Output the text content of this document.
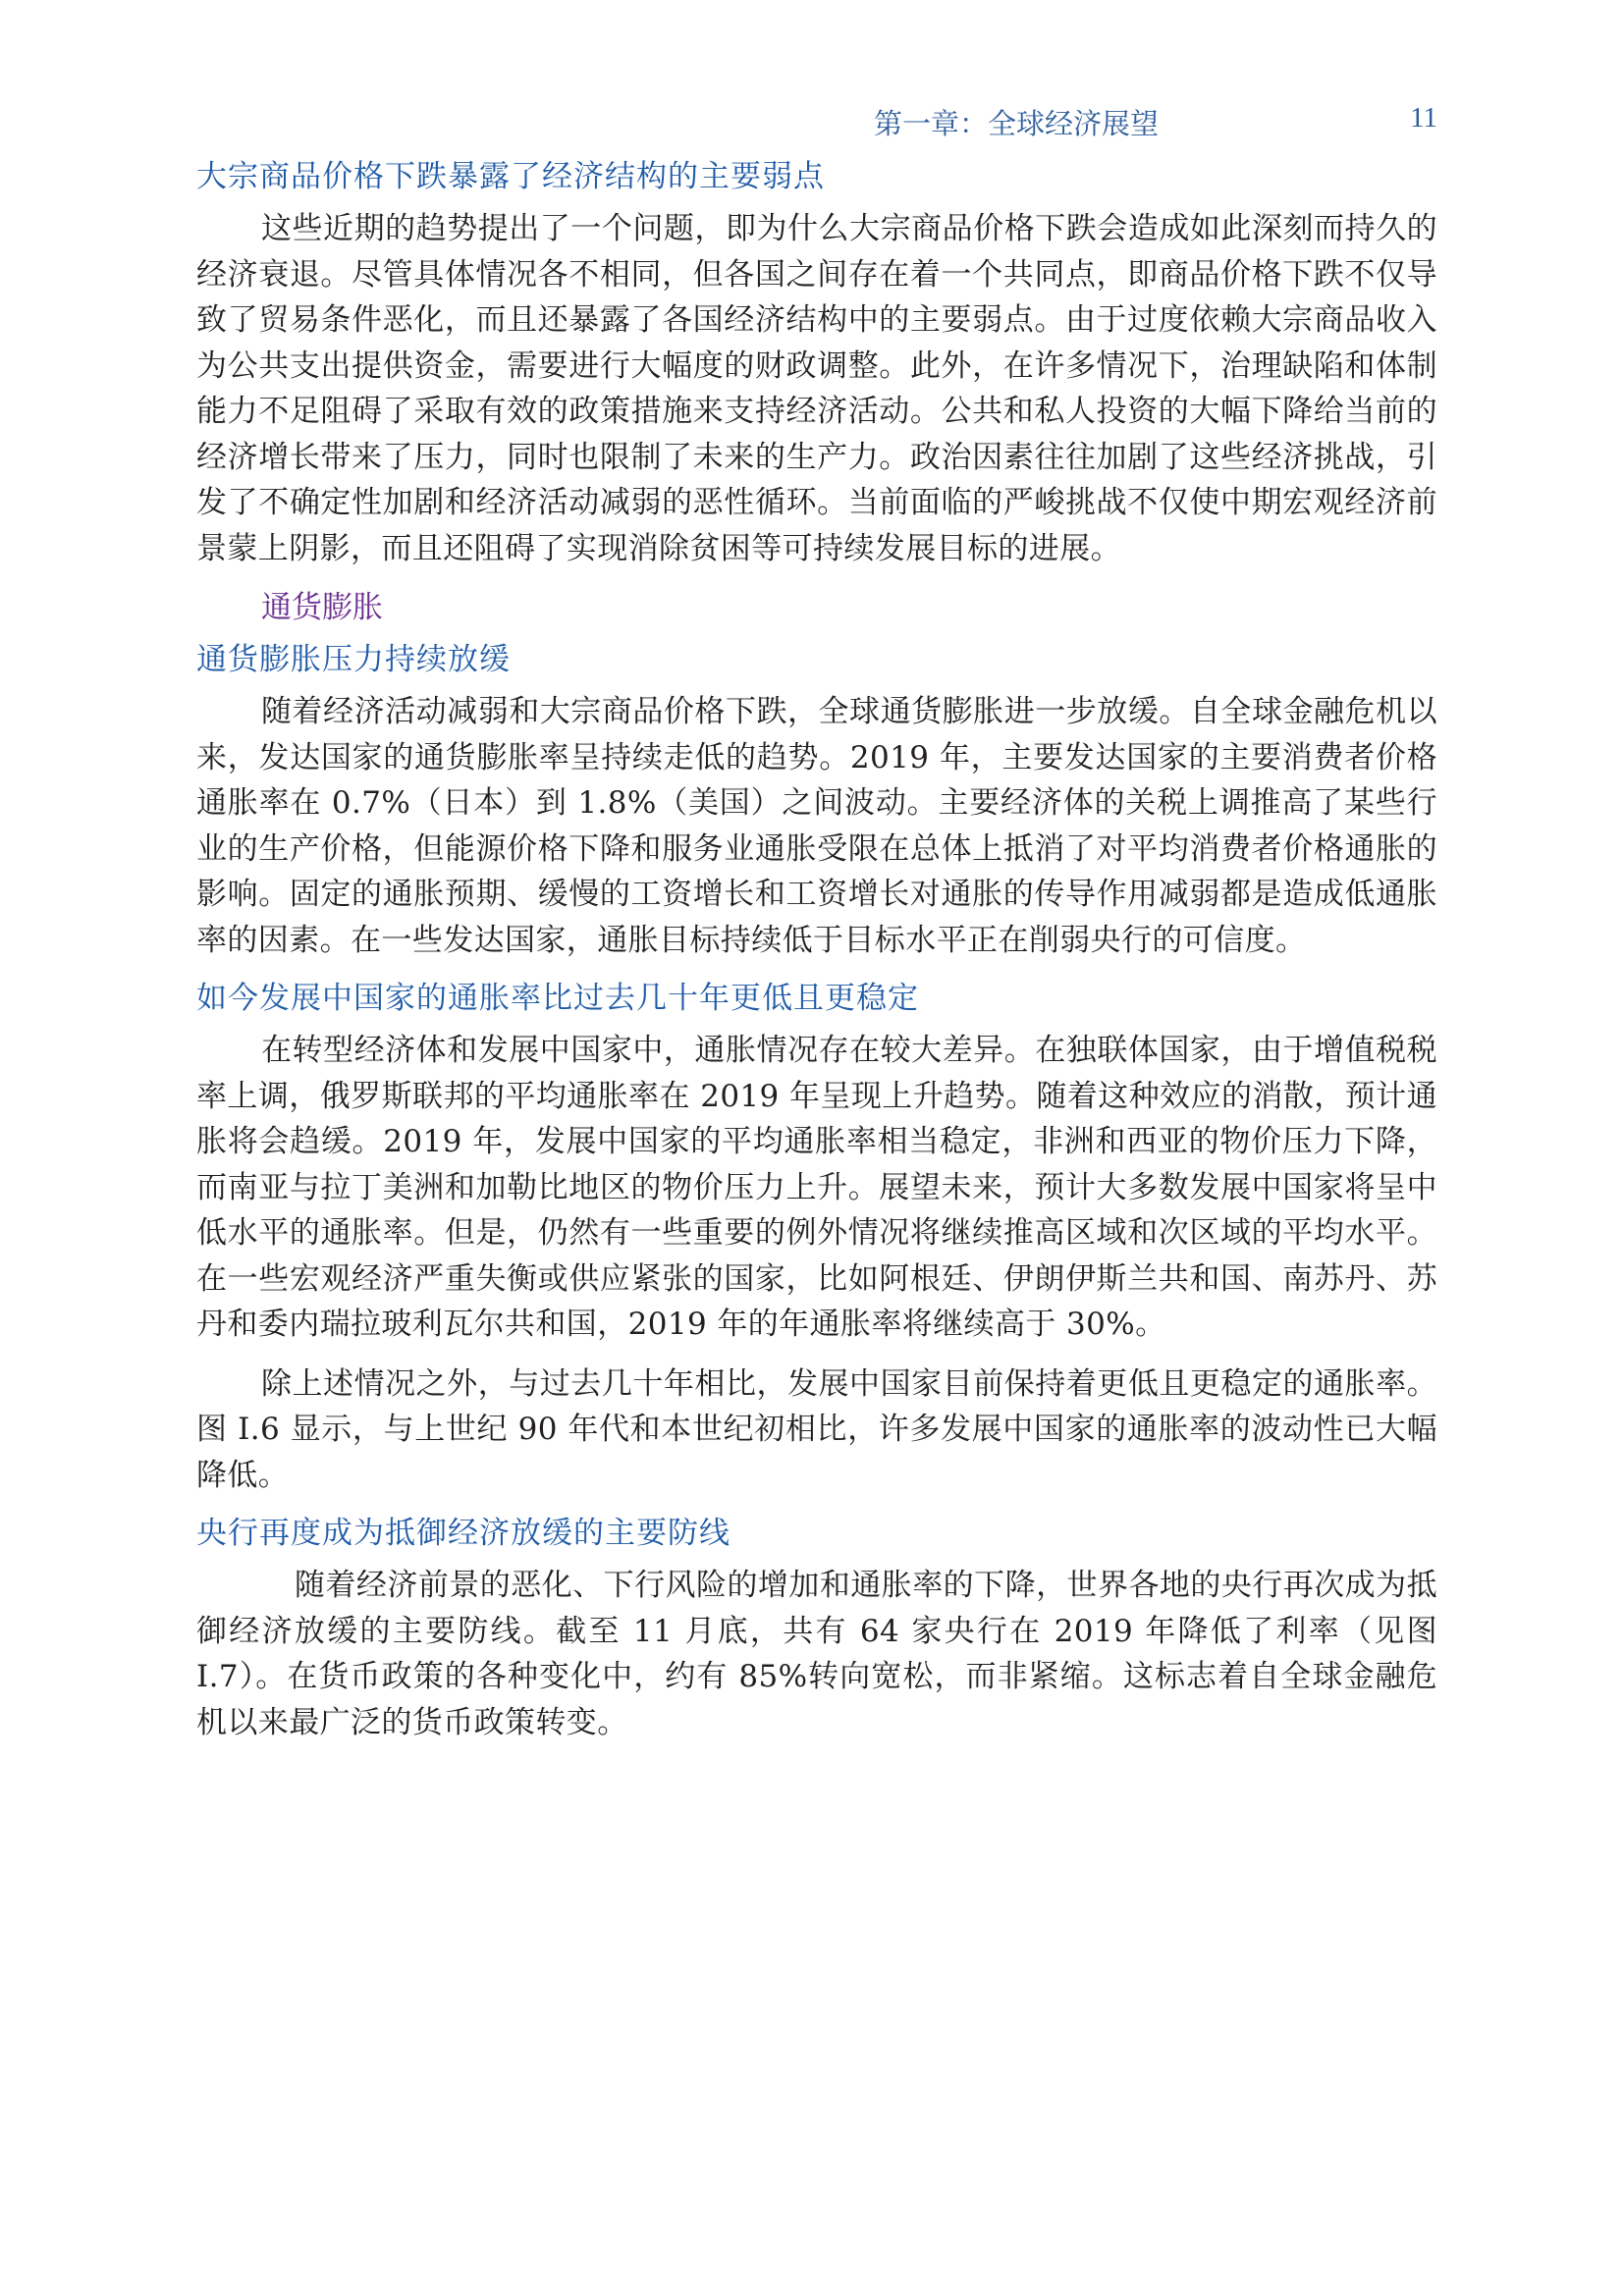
第一章：全球经济展望	11
大宗商品价格下跌暴露了经济结构的主要弱点

这些近期的趋势提出了一个问题，即为什么大宗商品价格下跌会造成如此深刻而持久的经济衰退。尽管具体情况各不相同，但各国之间存在着一个共同点，即商品价格下跌不仅导致了贸易条件恶化，而且还暴露了各国经济结构中的主要弱点。由于过度依赖大宗商品收入为公共支出提供资金，需要进行大幅度的财政调整。此外，在许多情况下，治理缺陷和体制能力不足阻碍了采取有效的政策措施来支持经济活动。公共和私人投资的大幅下降给当前的经济增长带来了压力，同时也限制了未来的生产力。政治因素往往加剧了这些经济挑战，引发了不确定性加剧和经济活动减弱的恶性循环。当前面临的严峻挑战不仅使中期宏观经济前景蒙上阴影，而且还阻碍了实现消除贫困等可持续发展目标的进展。

通货膨胀
通货膨胀压力持续放缓

随着经济活动减弱和大宗商品价格下跌，全球通货膨胀进一步放缓。自全球金融危机以来，发达国家的通货膨胀率呈持续走低的趋势。2019 年，主要发达国家的主要消费者价格通胀率在 0.7%（日本）到 1.8%（美国）之间波动。主要经济体的关税上调推高了某些行业的生产价格，但能源价格下降和服务业通胀受限在总体上抵消了对平均消费者价格通胀的影响。固定的通胀预期、缓慢的工资增长和工资增长对通胀的传导作用减弱都是造成低通胀率的因素。在一些发达国家，通胀目标持续低于目标水平正在削弱央行的可信度。

如今发展中国家的通胀率比过去几十年更低且更稳定

在转型经济体和发展中国家中，通胀情况存在较大差异。在独联体国家，由于增值税税率上调，俄罗斯联邦的平均通胀率在 2019 年呈现上升趋势。随着这种效应的消散，预计通胀将会趋缓。2019 年，发展中国家的平均通胀率相当稳定，非洲和西亚的物价压力下降，而南亚与拉丁美洲和加勒比地区的物价压力上升。展望未来，预计大多数发展中国家将呈中低水平的通胀率。但是，仍然有一些重要的例外情况将继续推高区域和次区域的平均水平。在一些宏观经济严重失衡或供应紧张的国家，比如阿根廷、伊朗伊斯兰共和国、南苏丹、苏丹和委内瑞拉玻利瓦尔共和国，2019 年的年通胀率将继续高于 30%。

除上述情况之外，与过去几十年相比，发展中国家目前保持着更低且更稳定的通胀率。图 I.6 显示，与上世纪 90 年代和本世纪初相比，许多发展中国家的通胀率的波动性已大幅降低。

央行再度成为抵御经济放缓的主要防线

随着经济前景的恶化、下行风险的增加和通胀率的下降，世界各地的央行再次成为抵御经济放缓的主要防线。截至 11 月底，共有 64 家央行在 2019 年降低了利率（见图 I.7）。在货币政策的各种变化中，约有 85%转向宽松，而非紧缩。这标志着自全球金融危机以来最广泛的货币政策转变。
